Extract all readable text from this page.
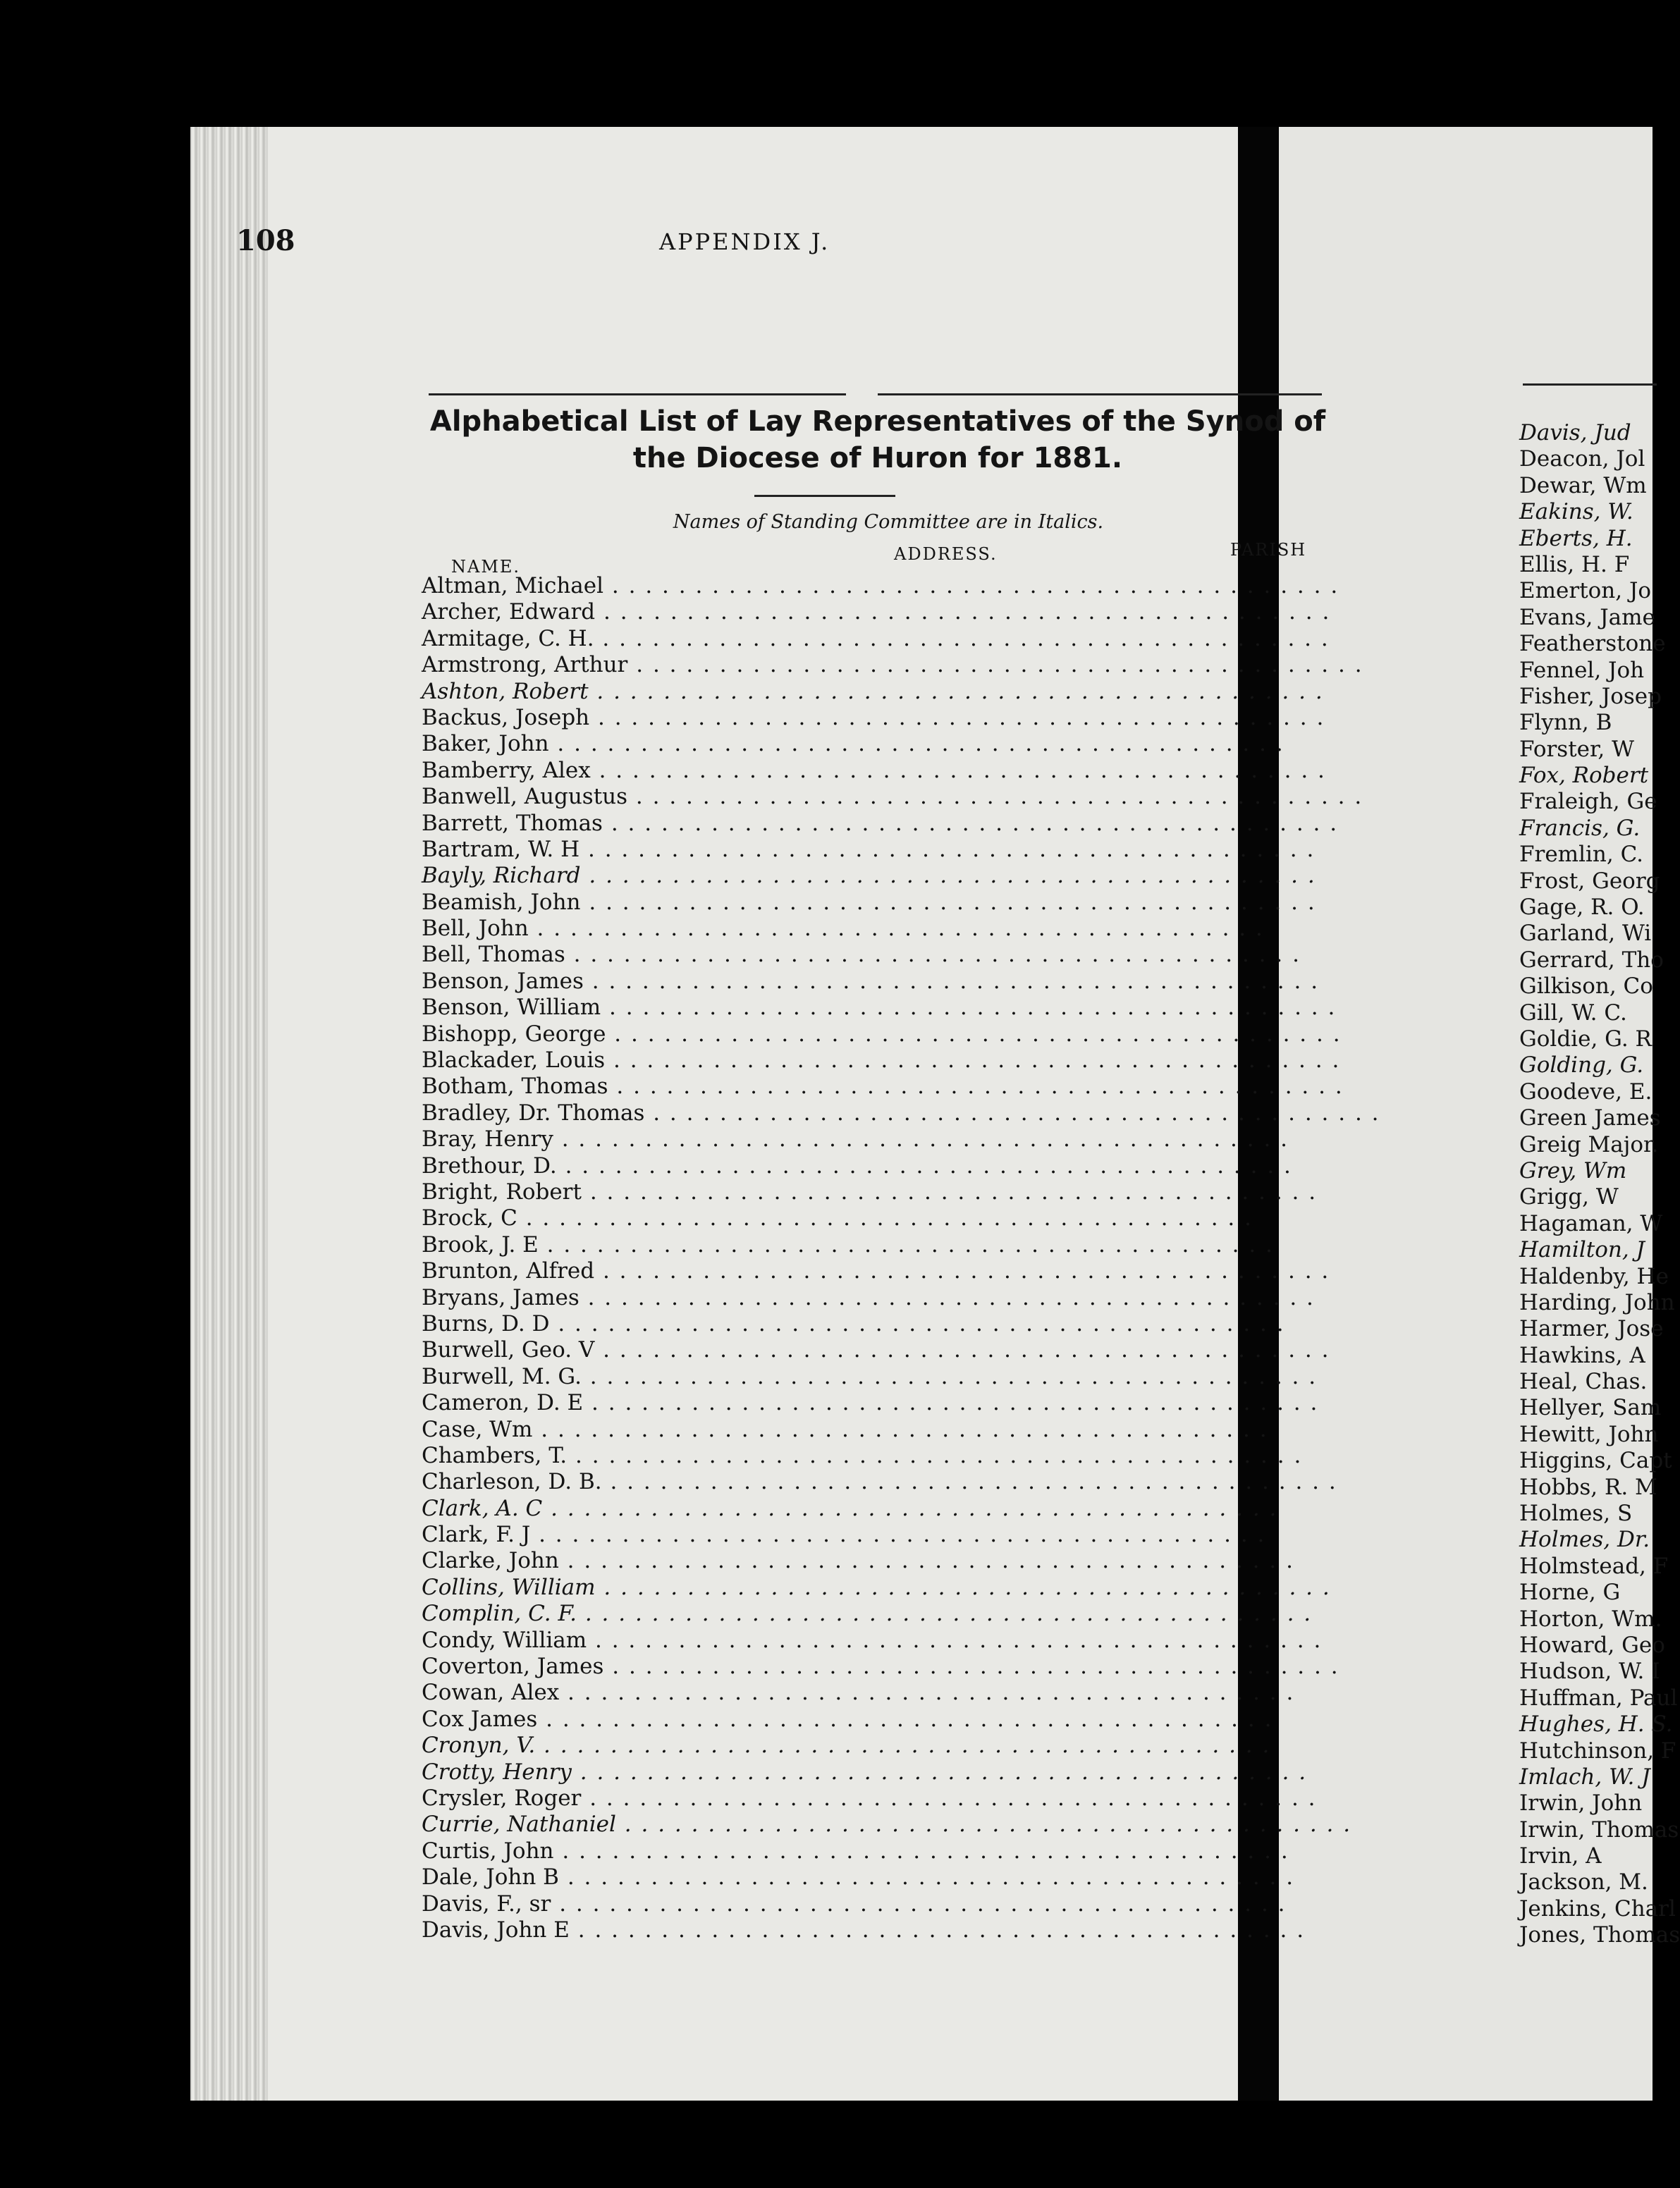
108	APPENDIX J.
Alphabetical List of Lay Representatives of the Synod of
the Diocese of Huron for 1881.
Names of Standing Committee are in Italics.
NAME.
ADDRESS.	PARISH
Altman, Michael . . .
Archer, Edward . . .
Armitage, C. H. . . .
Armstrong, Arthur . . .
Ashton, Robert . . .
Backus, Joseph . . .
Baker, John . . .
Bamberry, Alex . . .
Banwell, Augustus . . .
Barrett, Thomas . . .
Bartram, W. H . . .
Bayly, Richard . . .
Beamish, John . . .
Bell, John . . .
Bell, Thomas . . .
Benson, James . . .
Benson, William . . .
Bishopp, George . . .
Blackader, Louis . . .
Botham, Thomas . . .
Bradley, Dr. Thomas . . .
Bray, Henry . . .
Brethour, D. . . .
Bright, Robert . . .
Brock, C . . .
Brook, J. E . . .
Brunton, Alfred . . .
Bryans, James . . .
Burns, D. D . . .
Burwell, Geo. V . . .
Burwell, M. G. . . .
Cameron, D. E . . .
Case, Wm . . .
Chambers, T. . . .
Charleson, D. B. . . .
Clark, A. C . . .
Clark, F. J . . .
Clarke, John . . .
Collins, William . . .
Complin, C. F. . . .
Condy, William . . .
Coverton, James . . .
Cowan, Alex . . .
Cox James . . .
Cronyn, V. . . .
Crotty, Henry . . .
Crysler, Roger . . .
Currie, Nathaniel . . .
Curtis, John . . .
Dale, John B . . .
Davis, F., sr . . .
Davis, John E . . .
Davis, Jud
Deacon, Jol
Dewar, Wm
Eakins, W.
Eberts, H.
Ellis, H. F
Emerton, Jo
Evans, Jame
Featherstone
Fennel, Joh
Fisher, Josep
Flynn, B
Forster, W
Fox, Robert
Fraleigh, Ge
Francis, G.
Fremlin, C.
Frost, Georg
Gage, R. O.
Garland, Wi
Gerrard, Tho
Gilkison, Co
Gill, W. C.
Goldie, G. R
Golding, G.
Goodeve, E.
Green James
Greig Major.
Grey, Wm
Grigg, W
Hagaman, W
Hamilton, J
Haldenby, He
Harding, John
Harmer, Jose
Hawkins, A
Heal, Chas.
Hellyer, Sam
Hewitt, John
Higgins, Capt
Hobbs, R. M
Holmes, S
Holmes, Dr.
Holmstead, F
Horne, G
Horton, Wm.
Howard, Geo
Hudson, W. I
Huffman, Paul
Hughes, H. S.
Hutchinson, F
Imlach, W. J
Irwin, John
Irwin, Thomas
Irvin, A
Jackson, M.
Jenkins, Charl
Jones, Thomas
